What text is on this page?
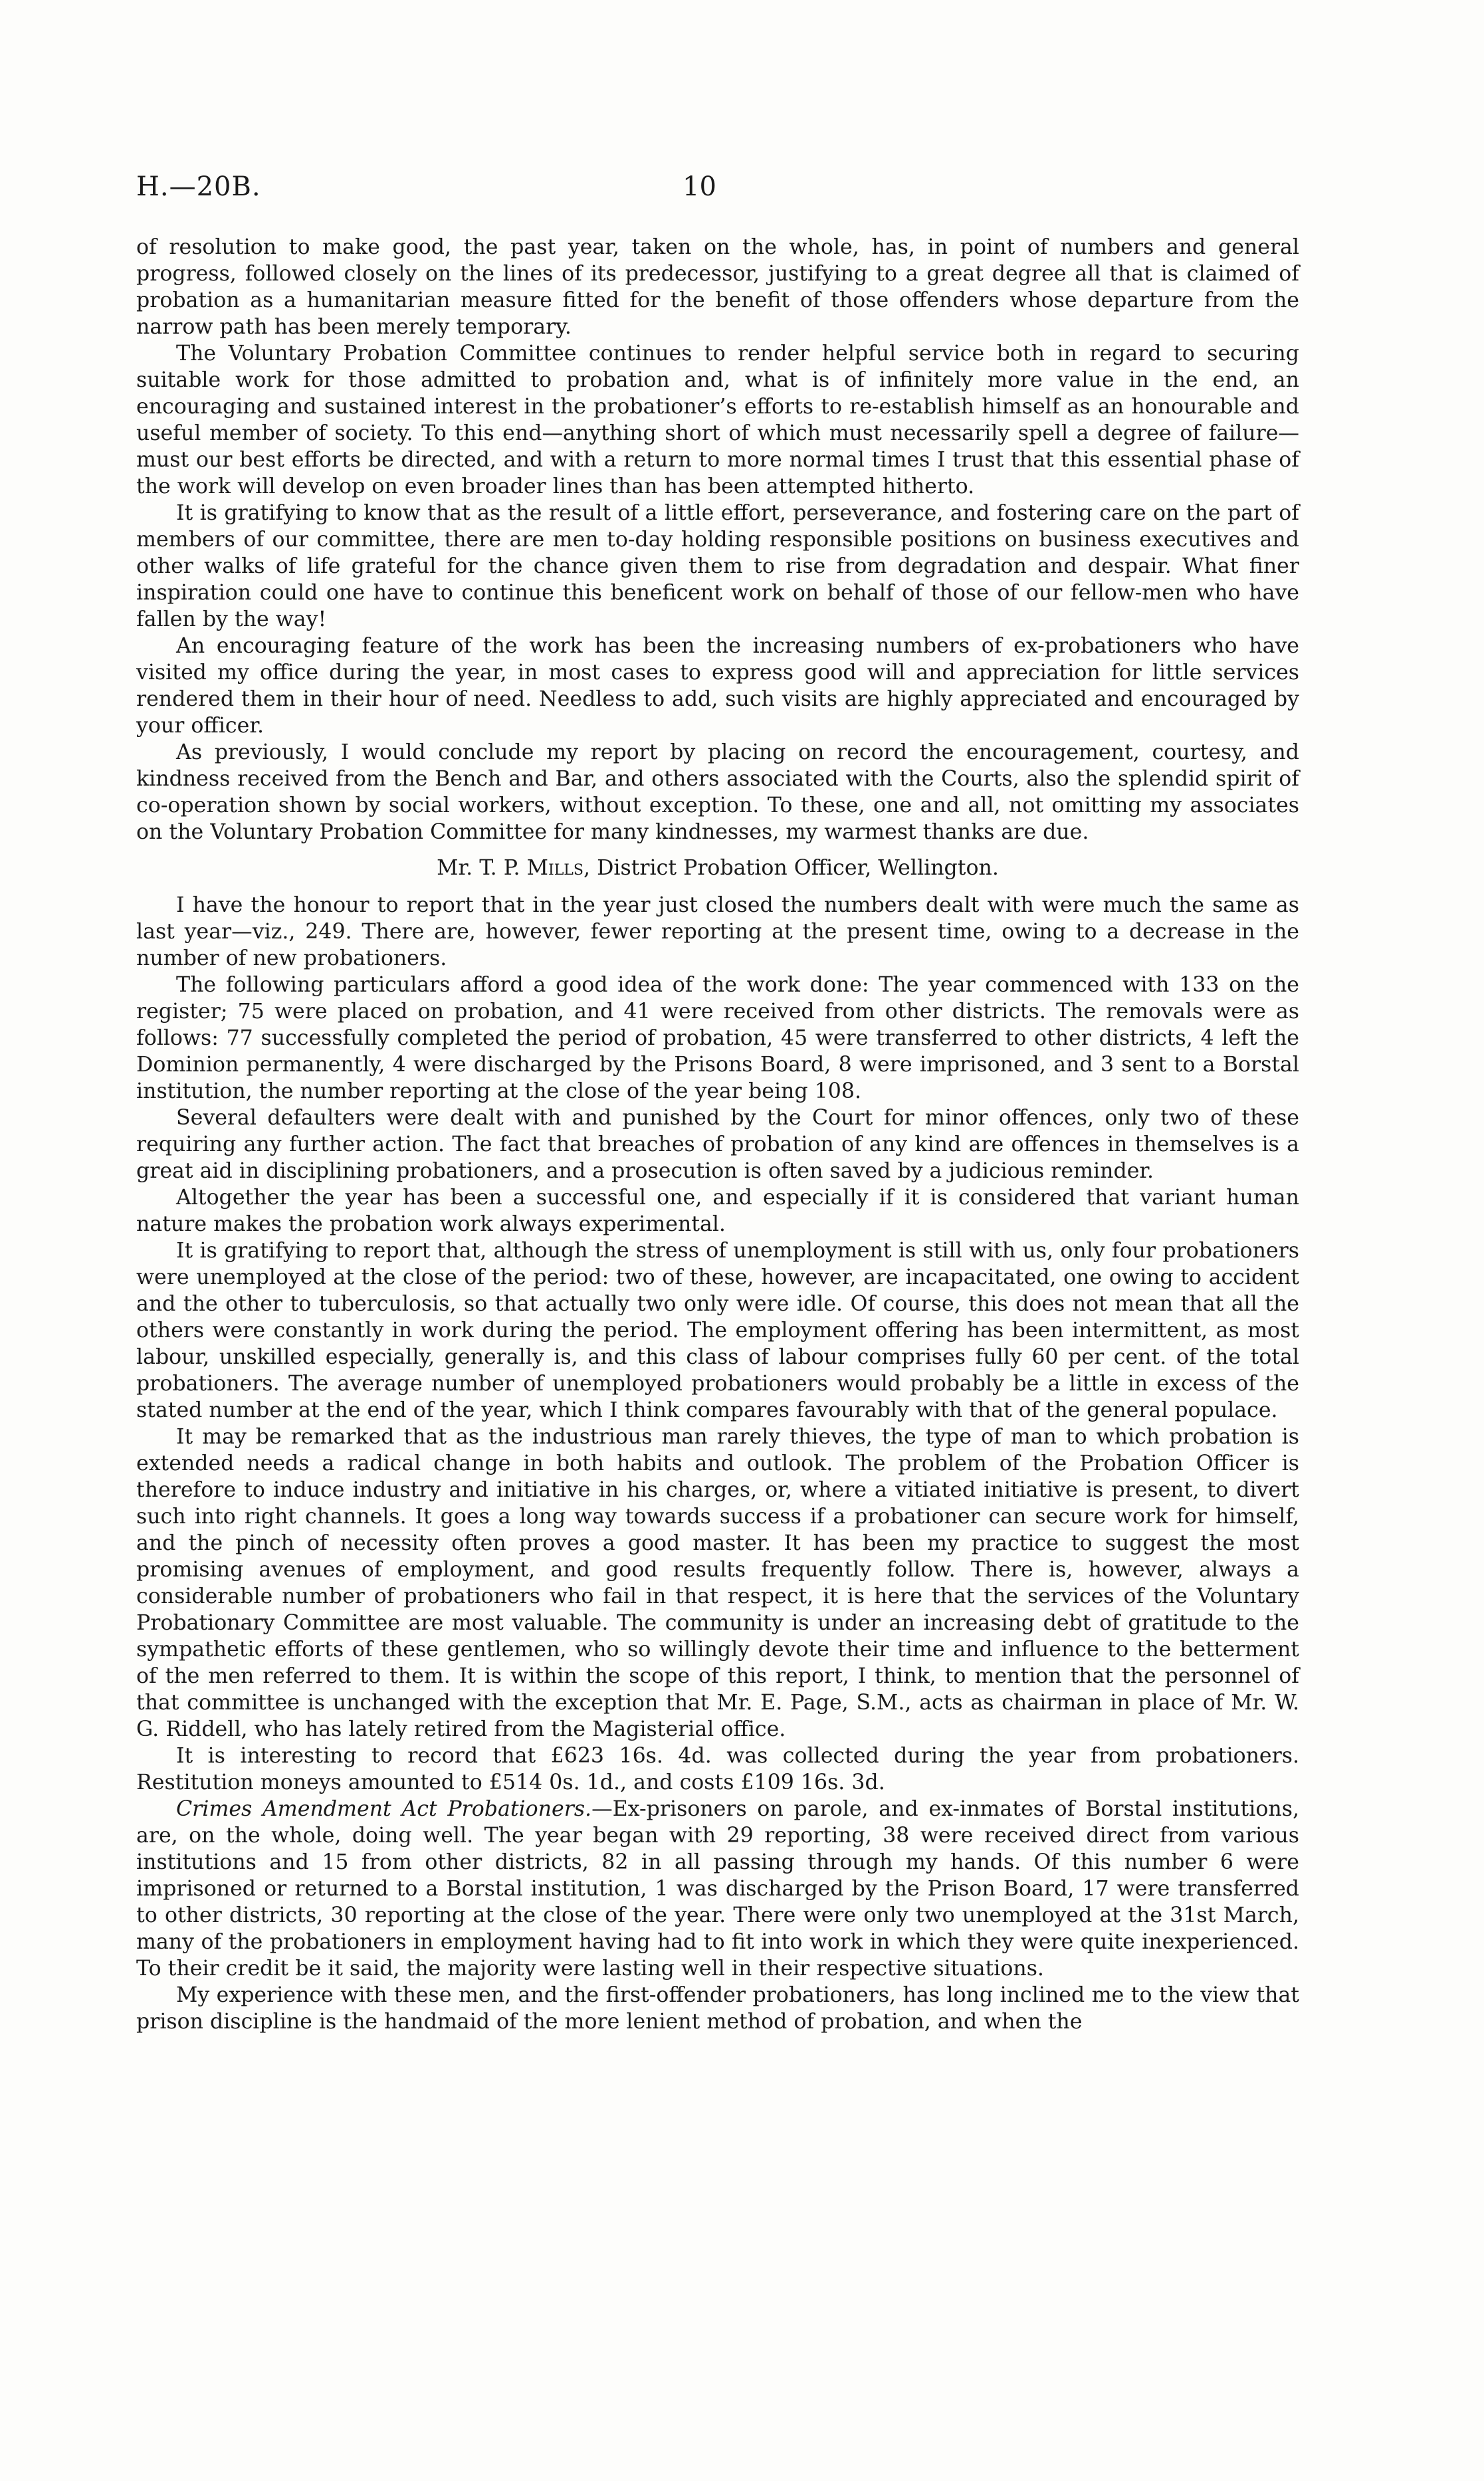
H.—20B.	10

of resolution to make good, the past year, taken on the whole, has, in point of numbers and general progress, followed closely on the lines of its predecessor, justifying to a great degree all that is claimed of probation as a humanitarian measure fitted for the benefit of those offenders whose departure from the narrow path has been merely temporary.

The Voluntary Probation Committee continues to render helpful service both in regard to securing suitable work for those admitted to probation and, what is of infinitely more value in the end, an encouraging and sustained interest in the probationer’s efforts to re-establish himself as an honourable and useful member of society. To this end—anything short of which must necessarily spell a degree of failure—must our best efforts be directed, and with a return to more normal times I trust that this essential phase of the work will develop on even broader lines than has been attempted hitherto.

It is gratifying to know that as the result of a little effort, perseverance, and fostering care on the part of members of our committee, there are men to-day holding responsible positions on business executives and other walks of life grateful for the chance given them to rise from degradation and despair. What finer inspiration could one have to continue this beneficent work on behalf of those of our fellow-men who have fallen by the way!

An encouraging feature of the work has been the increasing numbers of ex-probationers who have visited my office during the year, in most cases to express good will and appreciation for little services rendered them in their hour of need. Needless to add, such visits are highly appreciated and encouraged by your officer.

As previously, I would conclude my report by placing on record the encouragement, courtesy, and kindness received from the Bench and Bar, and others associated with the Courts, also the splendid spirit of co-operation shown by social workers, without exception. To these, one and all, not omitting my associates on the Voluntary Probation Committee for many kindnesses, my warmest thanks are due.

Mr. T. P. Mills, District Probation Officer, Wellington.

I have the honour to report that in the year just closed the numbers dealt with were much the same as last year—viz., 249. There are, however, fewer reporting at the present time, owing to a decrease in the number of new probationers.

The following particulars afford a good idea of the work done: The year commenced with 133 on the register; 75 were placed on probation, and 41 were received from other districts. The removals were as follows: 77 successfully completed the period of probation, 45 were transferred to other districts, 4 left the Dominion permanently, 4 were discharged by the Prisons Board, 8 were imprisoned, and 3 sent to a Borstal institution, the number reporting at the close of the year being 108.

Several defaulters were dealt with and punished by the Court for minor offences, only two of these requiring any further action. The fact that breaches of probation of any kind are offences in themselves is a great aid in disciplining probationers, and a prosecution is often saved by a judicious reminder.

Altogether the year has been a successful one, and especially if it is considered that variant human nature makes the probation work always experimental.

It is gratifying to report that, although the stress of unemployment is still with us, only four probationers were unemployed at the close of the period: two of these, however, are incapacitated, one owing to accident and the other to tuberculosis, so that actually two only were idle. Of course, this does not mean that all the others were constantly in work during the period. The employment offering has been intermittent, as most labour, unskilled especially, generally is, and this class of labour comprises fully 60 per cent. of the total probationers. The average number of unemployed probationers would probably be a little in excess of the stated number at the end of the year, which I think compares favourably with that of the general populace.

It may be remarked that as the industrious man rarely thieves, the type of man to which probation is extended needs a radical change in both habits and outlook. The problem of the Probation Officer is therefore to induce industry and initiative in his charges, or, where a vitiated initiative is present, to divert such into right channels. It goes a long way towards success if a probationer can secure work for himself, and the pinch of necessity often proves a good master. It has been my practice to suggest the most promising avenues of employment, and good results frequently follow. There is, however, always a considerable number of probationers who fail in that respect, it is here that the services of the Voluntary Probationary Committee are most valuable. The community is under an increasing debt of gratitude to the sympathetic efforts of these gentlemen, who so willingly devote their time and influence to the betterment of the men referred to them. It is within the scope of this report, I think, to mention that the personnel of that committee is unchanged with the exception that Mr. E. Page, S.M., acts as chairman in place of Mr. W. G. Riddell, who has lately retired from the Magisterial office.

It is interesting to record that £623 16s. 4d. was collected during the year from probationers. Restitution moneys amounted to £514 0s. 1d., and costs £109 16s. 3d.

Crimes Amendment Act Probationers.—Ex-prisoners on parole, and ex-inmates of Borstal institutions, are, on the whole, doing well. The year began with 29 reporting, 38 were received direct from various institutions and 15 from other districts, 82 in all passing through my hands. Of this number 6 were imprisoned or returned to a Borstal institution, 1 was discharged by the Prison Board, 17 were transferred to other districts, 30 reporting at the close of the year. There were only two unemployed at the 31st March, many of the probationers in employment having had to fit into work in which they were quite inexperienced. To their credit be it said, the majority were lasting well in their respective situations.

My experience with these men, and the first-offender probationers, has long inclined me to the view that prison discipline is the handmaid of the more lenient method of probation, and when the
